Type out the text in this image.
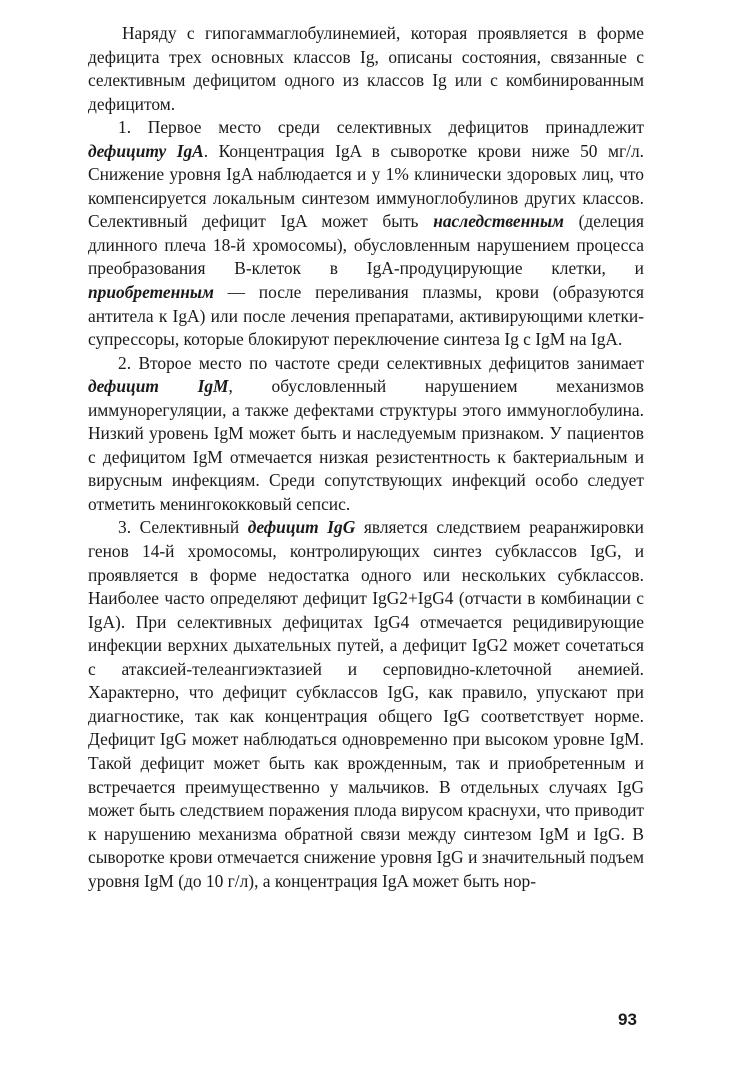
Наряду с гипогаммаглобулинемией, которая проявляется в форме дефицита трех основных классов Ig, описаны состояния, связанные с селективным дефицитом одного из классов Ig или с комбинированным дефицитом.

1. Первое место среди селективных дефицитов принадлежит дефициту IgA. Концентрация IgA в сыворотке крови ниже 50 мг/л. Снижение уровня IgA наблюдается и у 1% клинически здоровых лиц, что компенсируется локальным синтезом иммуноглобулинов других классов. Селективный дефицит IgA может быть наследственным (делеция длинного плеча 18-й хромосомы), обусловленным нарушением процесса преобразования В-клеток в IgA-продуцирующие клетки, и приобретенным — после переливания плазмы, крови (образуются антитела к IgA) или после лечения препаратами, активирующими клетки-супрессоры, которые блокируют переключение синтеза Ig с IgM на IgA.

2. Второе место по частоте среди селективных дефицитов занимает дефицит IgM, обусловленный нарушением механизмов иммунорегуляции, а также дефектами структуры этого иммуноглобулина. Низкий уровень IgM может быть и наследуемым признаком. У пациентов с дефицитом IgM отмечается низкая резистентность к бактериальным и вирусным инфекциям. Среди сопутствующих инфекций особо следует отметить менингококковый сепсис.

3. Селективный дефицит IgG является следствием реаранжировки генов 14-й хромосомы, контролирующих синтез субклассов IgG, и проявляется в форме недостатка одного или нескольких субклассов. Наиболее часто определяют дефицит IgG2+IgG4 (отчасти в комбинации с IgA). При селективных дефицитах IgG4 отмечается рецидивирующие инфекции верхних дыхательных путей, а дефицит IgG2 может сочетаться с атаксией-телеангиэктазией и серповидно-клеточной анемией. Характерно, что дефицит субклассов IgG, как правило, упускают при диагностике, так как концентрация общего IgG соответствует норме. Дефицит IgG может наблюдаться одновременно при высоком уровне IgM. Такой дефицит может быть как врожденным, так и приобретенным и встречается преимущественно у мальчиков. В отдельных случаях IgG может быть следствием поражения плода вирусом краснухи, что приводит к нарушению механизма обратной связи между синтезом IgM и IgG. В сыворотке крови отмечается снижение уровня IgG и значительный подъем уровня IgM (до 10 г/л), а концентрация IgA может быть нор-

93
